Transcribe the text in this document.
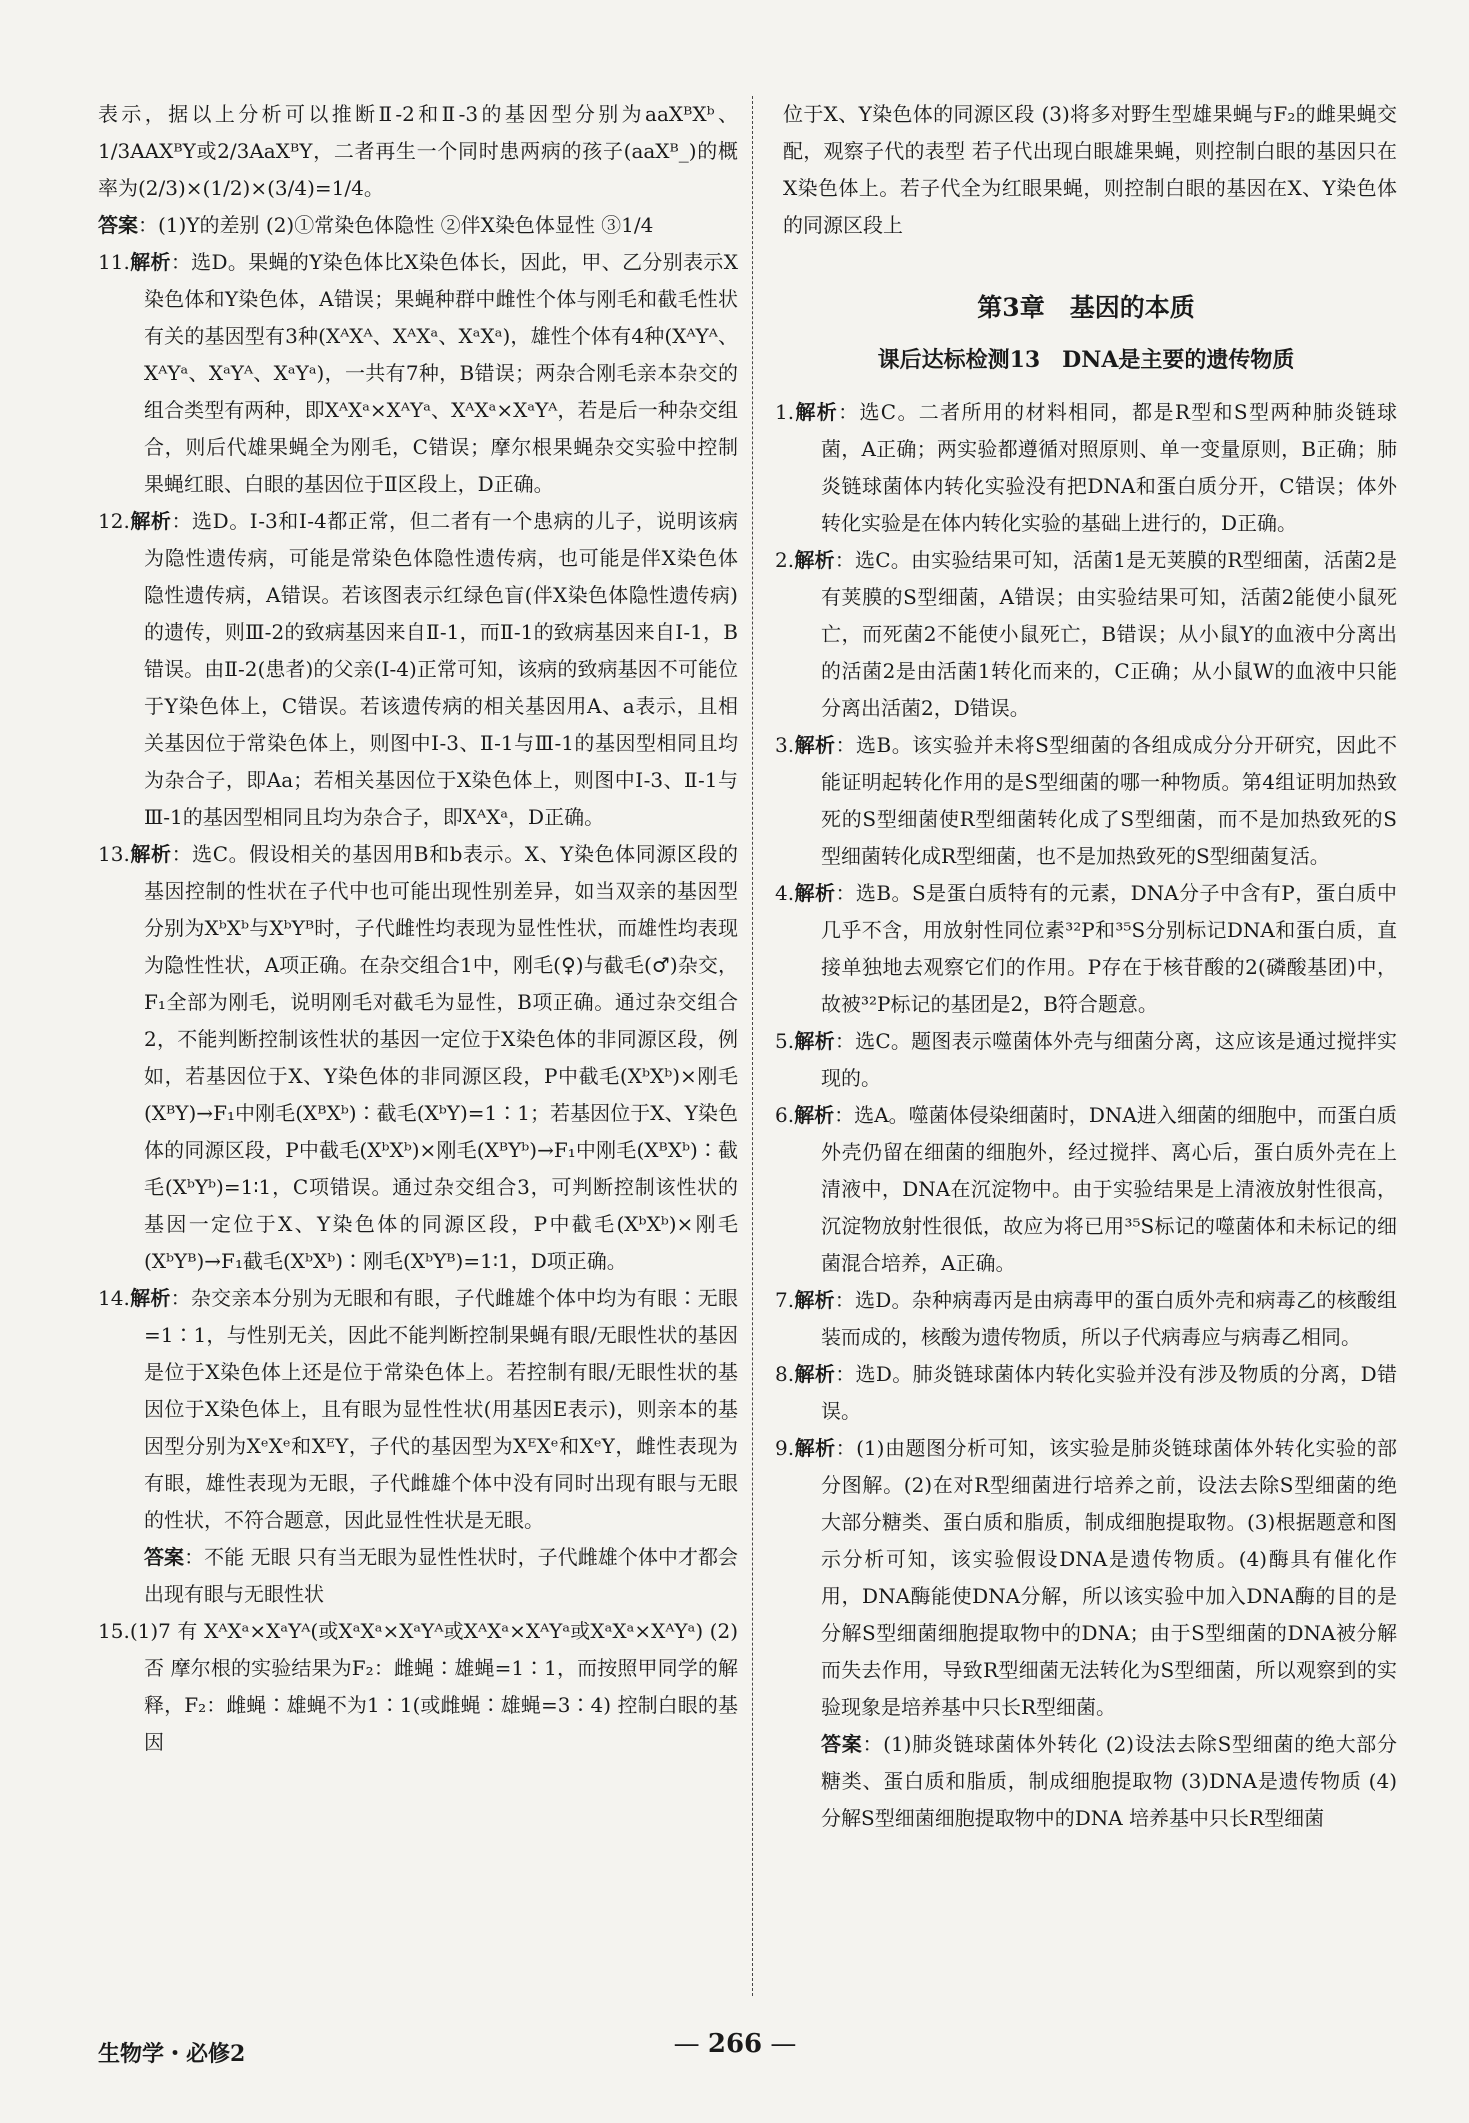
表示，据以上分析可以推断Ⅱ-2和Ⅱ-3的基因型分别为aaXᴮXᵇ、1/3AAXᴮY或2/3AaXᴮY，二者再生一个同时患两病的孩子(aaXᴮ_)的概率为(2/3)×(1/2)×(3/4)=1/4。

答案：(1)Y的差别 (2)①常染色体隐性 ②伴X染色体显性 ③1/4

11.解析：选D。果蝇的Y染色体比X染色体长，因此，甲、乙分别表示X染色体和Y染色体，A错误；果蝇种群中雌性个体与刚毛和截毛性状有关的基因型有3种(XᴬXᴬ、XᴬXᵃ、XᵃXᵃ)，雄性个体有4种(XᴬYᴬ、XᴬYᵃ、XᵃYᴬ、XᵃYᵃ)，一共有7种，B错误；两杂合刚毛亲本杂交的组合类型有两种，即XᴬXᵃ×XᴬYᵃ、XᴬXᵃ×XᵃYᴬ，若是后一种杂交组合，则后代雄果蝇全为刚毛，C错误；摩尔根果蝇杂交实验中控制果蝇红眼、白眼的基因位于Ⅱ区段上，D正确。

12.解析：选D。Ⅰ-3和Ⅰ-4都正常，但二者有一个患病的儿子，说明该病为隐性遗传病，可能是常染色体隐性遗传病，也可能是伴X染色体隐性遗传病，A错误。若该图表示红绿色盲(伴X染色体隐性遗传病)的遗传，则Ⅲ-2的致病基因来自Ⅱ-1，而Ⅱ-1的致病基因来自Ⅰ-1，B错误。由Ⅱ-2(患者)的父亲(Ⅰ-4)正常可知，该病的致病基因不可能位于Y染色体上，C错误。若该遗传病的相关基因用A、a表示，且相关基因位于常染色体上，则图中Ⅰ-3、Ⅱ-1与Ⅲ-1的基因型相同且均为杂合子，即Aa；若相关基因位于X染色体上，则图中Ⅰ-3、Ⅱ-1与Ⅲ-1的基因型相同且均为杂合子，即XᴬXᵃ，D正确。

13.解析：选C。假设相关的基因用B和b表示。X、Y染色体同源区段的基因控制的性状在子代中也可能出现性别差异，如当双亲的基因型分别为XᵇXᵇ与XᵇYᴮ时，子代雌性均表现为显性性状，而雄性均表现为隐性性状，A项正确。在杂交组合1中，刚毛(♀)与截毛(♂)杂交，F₁全部为刚毛，说明刚毛对截毛为显性，B项正确。通过杂交组合2，不能判断控制该性状的基因一定位于X染色体的非同源区段，例如，若基因位于X、Y染色体的非同源区段，P中截毛(XᵇXᵇ)×刚毛(XᴮY)→F₁中刚毛(XᴮXᵇ)∶截毛(XᵇY)=1∶1；若基因位于X、Y染色体的同源区段，P中截毛(XᵇXᵇ)×刚毛(XᴮYᵇ)→F₁中刚毛(XᴮXᵇ)∶截毛(XᵇYᵇ)=1∶1，C项错误。通过杂交组合3，可判断控制该性状的基因一定位于X、Y染色体的同源区段，P中截毛(XᵇXᵇ)×刚毛(XᵇYᴮ)→F₁截毛(XᵇXᵇ)∶刚毛(XᵇYᴮ)=1∶1，D项正确。

14.解析：杂交亲本分别为无眼和有眼，子代雌雄个体中均为有眼∶无眼=1∶1，与性别无关，因此不能判断控制果蝇有眼/无眼性状的基因是位于X染色体上还是位于常染色体上。若控制有眼/无眼性状的基因位于X染色体上，且有眼为显性性状(用基因E表示)，则亲本的基因型分别为XᵉXᵉ和XᴱY，子代的基因型为XᴱXᵉ和XᵉY，雌性表现为有眼，雄性表现为无眼，子代雌雄个体中没有同时出现有眼与无眼的性状，不符合题意，因此显性性状是无眼。

答案：不能 无眼 只有当无眼为显性性状时，子代雌雄个体中才都会出现有眼与无眼性状

15.(1)7 有 XᴬXᵃ×XᵃYᴬ(或XᵃXᵃ×XᵃYᴬ或XᴬXᵃ×XᴬYᵃ或XᵃXᵃ×XᴬYᵃ) (2)否 摩尔根的实验结果为F₂：雌蝇∶雄蝇=1∶1，而按照甲同学的解释，F₂：雌蝇∶雄蝇不为1∶1(或雌蝇∶雄蝇=3∶4) 控制白眼的基因

位于X、Y染色体的同源区段 (3)将多对野生型雄果蝇与F₂的雌果蝇交配，观察子代的表型 若子代出现白眼雄果蝇，则控制白眼的基因只在X染色体上。若子代全为红眼果蝇，则控制白眼的基因在X、Y染色体的同源区段上

第3章　基因的本质
课后达标检测13　DNA是主要的遗传物质

1.解析：选C。二者所用的材料相同，都是R型和S型两种肺炎链球菌，A正确；两实验都遵循对照原则、单一变量原则，B正确；肺炎链球菌体内转化实验没有把DNA和蛋白质分开，C错误；体外转化实验是在体内转化实验的基础上进行的，D正确。

2.解析：选C。由实验结果可知，活菌1是无荚膜的R型细菌，活菌2是有荚膜的S型细菌，A错误；由实验结果可知，活菌2能使小鼠死亡，而死菌2不能使小鼠死亡，B错误；从小鼠Y的血液中分离出的活菌2是由活菌1转化而来的，C正确；从小鼠W的血液中只能分离出活菌2，D错误。

3.解析：选B。该实验并未将S型细菌的各组成成分分开研究，因此不能证明起转化作用的是S型细菌的哪一种物质。第4组证明加热致死的S型细菌使R型细菌转化成了S型细菌，而不是加热致死的S型细菌转化成R型细菌，也不是加热致死的S型细菌复活。

4.解析：选B。S是蛋白质特有的元素，DNA分子中含有P，蛋白质中几乎不含，用放射性同位素³²P和³⁵S分别标记DNA和蛋白质，直接单独地去观察它们的作用。P存在于核苷酸的2(磷酸基团)中，故被³²P标记的基团是2，B符合题意。

5.解析：选C。题图表示噬菌体外壳与细菌分离，这应该是通过搅拌实现的。

6.解析：选A。噬菌体侵染细菌时，DNA进入细菌的细胞中，而蛋白质外壳仍留在细菌的细胞外，经过搅拌、离心后，蛋白质外壳在上清液中，DNA在沉淀物中。由于实验结果是上清液放射性很高，沉淀物放射性很低，故应为将已用³⁵S标记的噬菌体和未标记的细菌混合培养，A正确。

7.解析：选D。杂种病毒丙是由病毒甲的蛋白质外壳和病毒乙的核酸组装而成的，核酸为遗传物质，所以子代病毒应与病毒乙相同。

8.解析：选D。肺炎链球菌体内转化实验并没有涉及物质的分离，D错误。

9.解析：(1)由题图分析可知，该实验是肺炎链球菌体外转化实验的部分图解。(2)在对R型细菌进行培养之前，设法去除S型细菌的绝大部分糖类、蛋白质和脂质，制成细胞提取物。(3)根据题意和图示分析可知，该实验假设DNA是遗传物质。(4)酶具有催化作用，DNA酶能使DNA分解，所以该实验中加入DNA酶的目的是分解S型细菌细胞提取物中的DNA；由于S型细菌的DNA被分解而失去作用，导致R型细菌无法转化为S型细菌，所以观察到的实验现象是培养基中只长R型细菌。

答案：(1)肺炎链球菌体外转化 (2)设法去除S型细菌的绝大部分糖类、蛋白质和脂质，制成细胞提取物 (3)DNA是遗传物质 (4)分解S型细菌细胞提取物中的DNA 培养基中只长R型细菌

生物学・必修2	— 266 —
